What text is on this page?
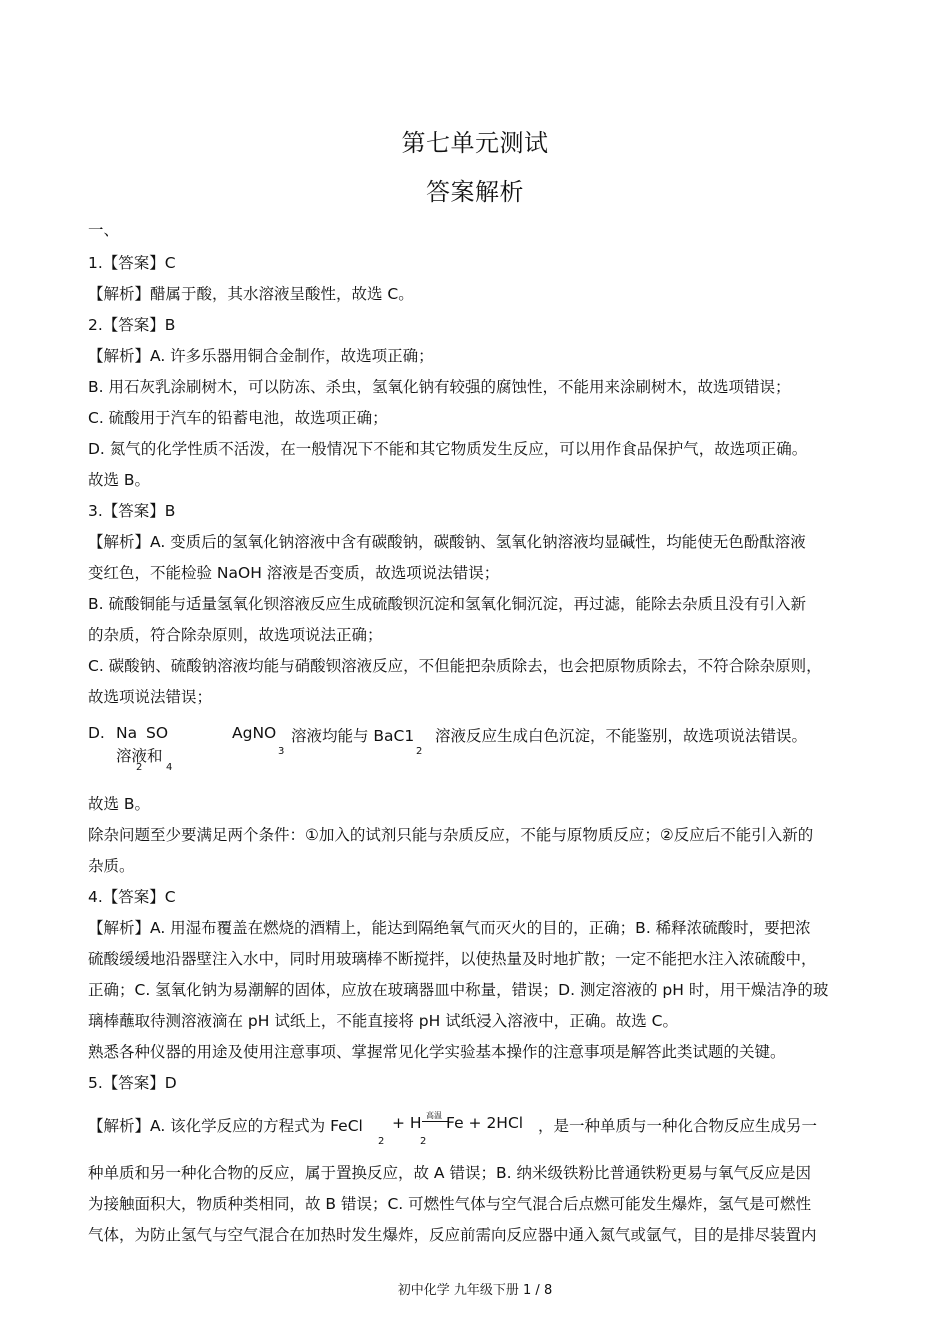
第七单元测试
答案解析
一、
1.【答案】C
【解析】醋属于酸，其水溶液呈酸性，故选 C。
2.【答案】B
【解析】A. 许多乐器用铜合金制作，故选项正确；
B. 用石灰乳涂刷树木，可以防冻、杀虫，氢氧化钠有较强的腐蚀性，不能用来涂刷树木，故选项错误；
C. 硫酸用于汽车的铅蓄电池，故选项正确；
D. 氮气的化学性质不活泼，在一般情况下不能和其它物质发生反应，可以用作食品保护气，故选项正确。
故选 B。
3.【答案】B
【解析】A. 变质后的氢氧化钠溶液中含有碳酸钠，碳酸钠、氢氧化钠溶液均显碱性，均能使无色酚酞溶液
变红色，不能检验 NaOH 溶液是否变质，故选项说法错误；
B. 硫酸铜能与适量氢氧化钡溶液反应生成硫酸钡沉淀和氢氧化铜沉淀，再过滤，能除去杂质且没有引入新
的杂质，符合除杂原则，故选项说法正确；
C. 碳酸钠、硫酸钠溶液均能与硝酸钡溶液反应，不但能把杂质除去，也会把原物质除去，不符合除杂原则，
故选项说法错误；
D. Na SO
溶液和
2 4
AgNO
3
溶液均能与 BaC1
2
溶液反应生成白色沉淀，不能鉴别，故选项说法错误。
故选 B。
除杂问题至少要满足两个条件：①加入的试剂只能与杂质反应，不能与原物质反应；②反应后不能引入新的
杂质。
4.【答案】C
【解析】A. 用湿布覆盖在燃烧的酒精上，能达到隔绝氧气而灭火的目的，正确；B. 稀释浓硫酸时，要把浓
硫酸缓缓地沿器壁注入水中，同时用玻璃棒不断搅拌，以使热量及时地扩散；一定不能把水注入浓硫酸中，
正确；C. 氢氧化钠为易潮解的固体，应放在玻璃器皿中称量，错误；D. 测定溶液的 pH 时，用干燥洁净的玻
璃棒蘸取待测溶液滴在 pH 试纸上，不能直接将 pH 试纸浸入溶液中，正确。故选 C。
熟悉各种仪器的用途及使用注意事项、掌握常见化学实验基本操作的注意事项是解答此类试题的关键。
5.【答案】D
【解析】A. 该化学反应的方程式为 FeCl
2
+ H
2
高温 Fe + 2HCl ，是一种单质与一种化合物反应生成另一
种单质和另一种化合物的反应，属于置换反应，故 A 错误；B. 纳米级铁粉比普通铁粉更易与氧气反应是因
为接触面积大，物质种类相同，故 B 错误；C. 可燃性气体与空气混合后点燃可能发生爆炸，氢气是可燃性
气体，为防止氢气与空气混合在加热时发生爆炸，反应前需向反应器中通入氮气或氩气，目的是排尽装置内
初中化学 九年级下册 1 / 8
